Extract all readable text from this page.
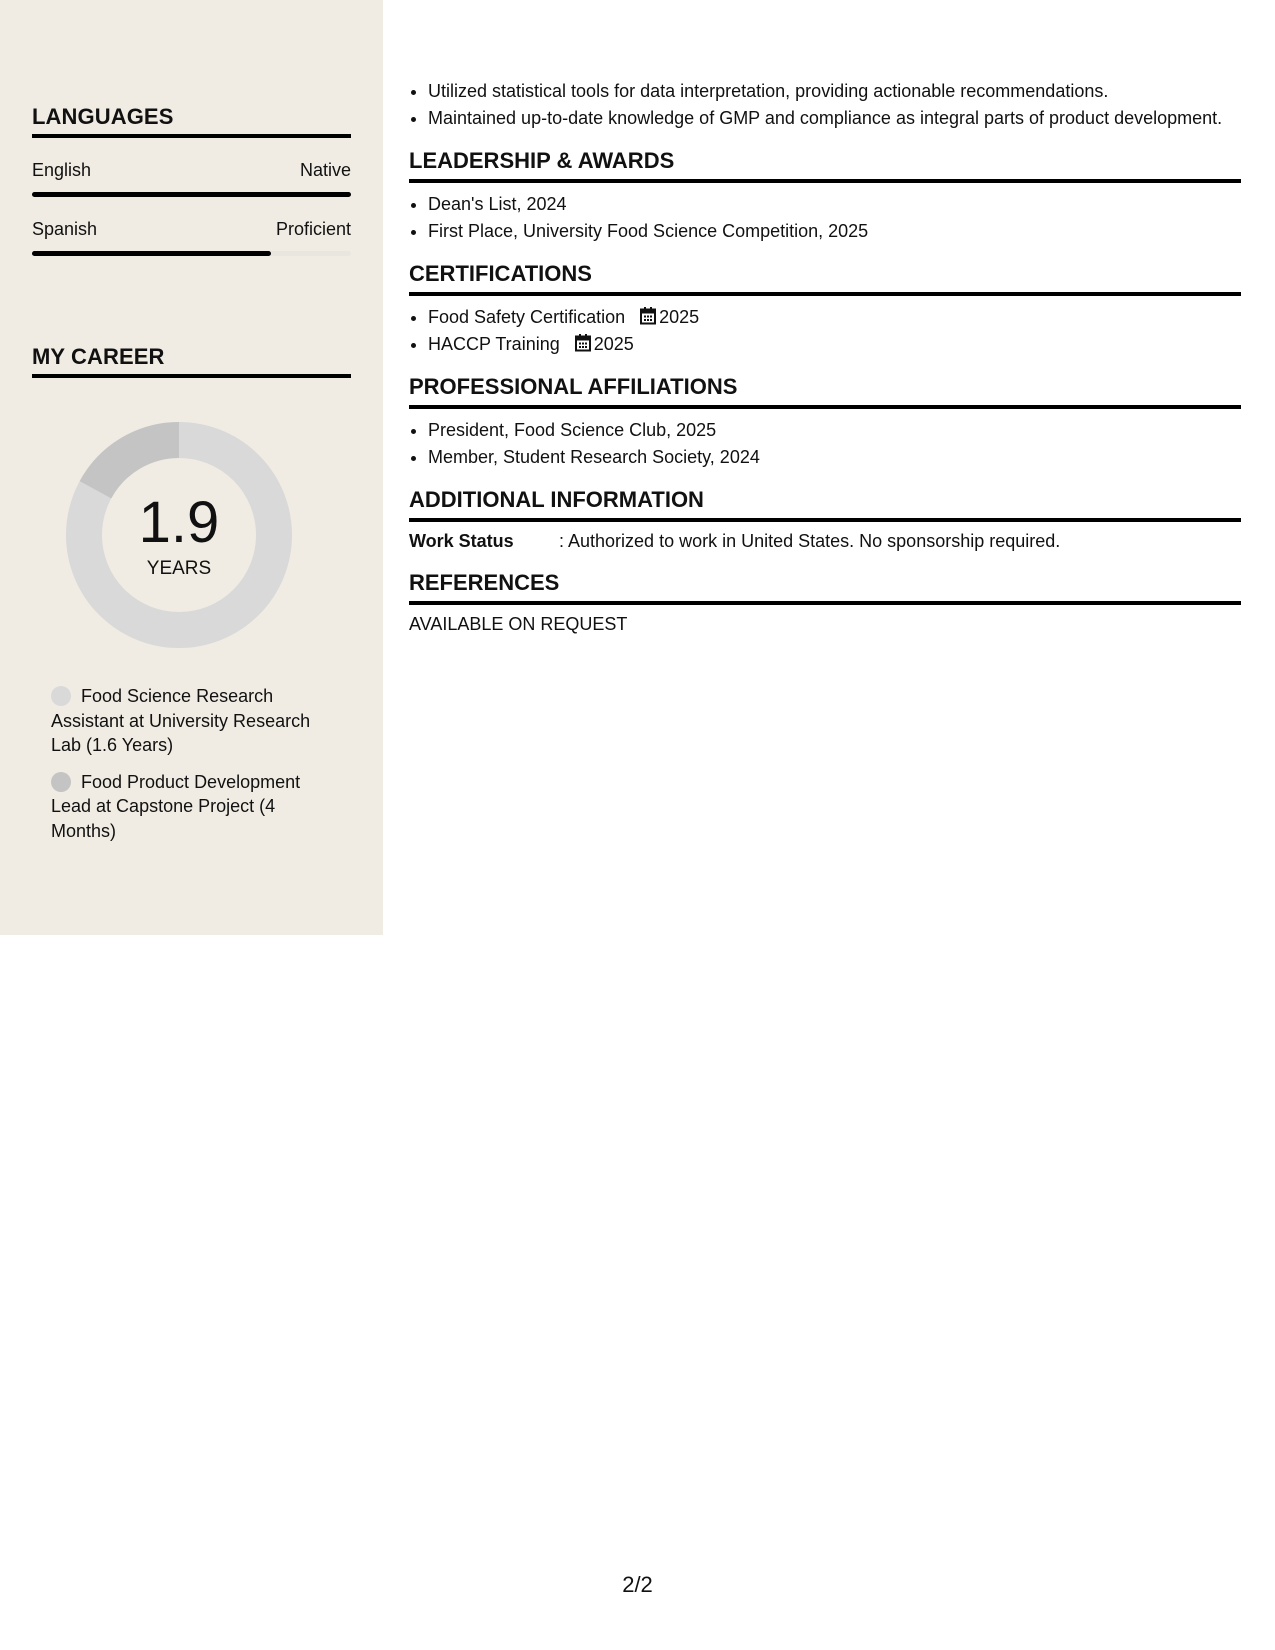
LANGUAGES
English	Native
Spanish	Proficient
MY CAREER
1.9
YEARS
Food Science Research Assistant at University Research Lab (1.6 Years)
Food Product Development Lead at Capstone Project (4 Months)
• Utilized statistical tools for data interpretation, providing actionable recommendations.
• Maintained up-to-date knowledge of GMP and compliance as integral parts of product development.
LEADERSHIP & AWARDS
• Dean's List, 2024
• First Place, University Food Science Competition, 2025
CERTIFICATIONS
• Food Safety Certification 2025
• HACCP Training 2025
PROFESSIONAL AFFILIATIONS
• President, Food Science Club, 2025
• Member, Student Research Society, 2024
ADDITIONAL INFORMATION
Work Status	: Authorized to work in United States. No sponsorship required.
REFERENCES
AVAILABLE ON REQUEST
2/2
